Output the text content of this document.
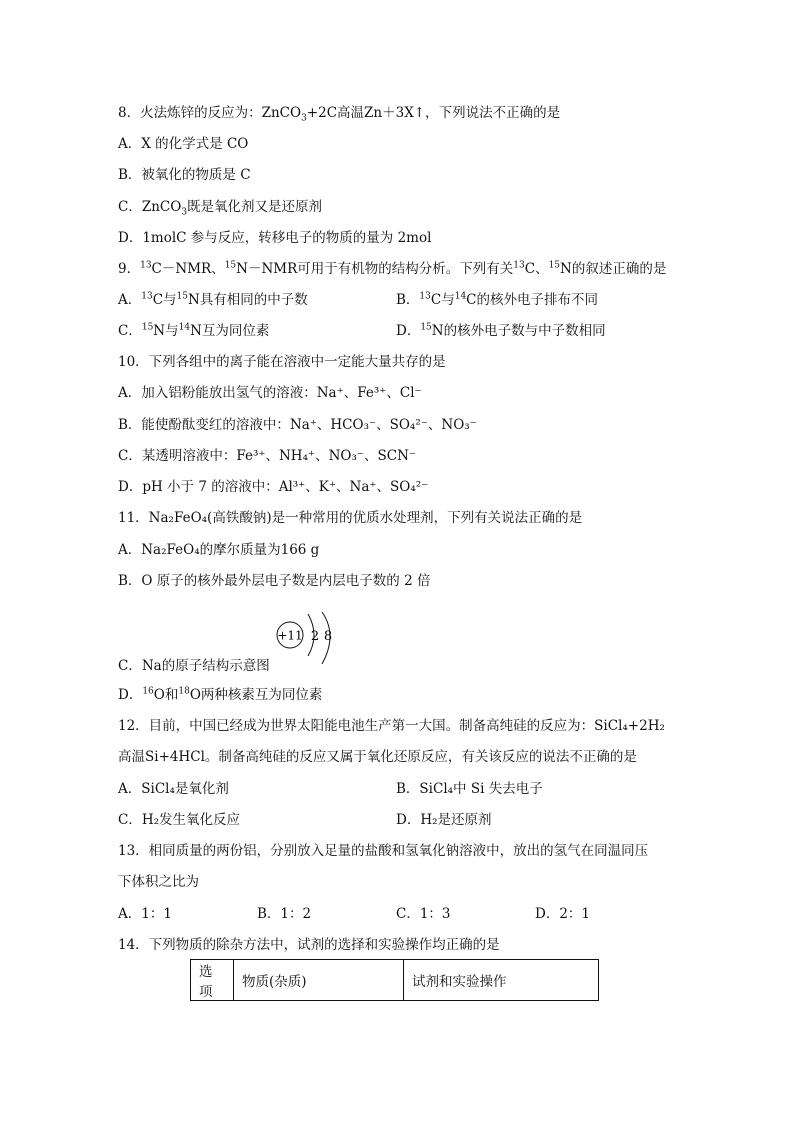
8．火法炼锌的反应为：ZnCO$_3$+2C高温Zn＋3X↑，下列说法不正确的是
A．X 的化学式是 CO
B．被氧化的物质是 C
C．ZnCO$_3$既是氧化剂又是还原剂
D．1molC 参与反应，转移电子的物质的量为 2mol
9．$^{13}$C－NMR、$^{15}$N－NMR可用于有机物的结构分析。下列有关$^{13}$C、$^{15}$N的叙述正确的是
A．$^{13}$C与$^{15}$N具有相同的中子数	B．$^{13}$C与$^{14}$C的核外电子排布不同
C．$^{15}$N与$^{14}$N互为同位素	D．$^{15}$N的核外电子数与中子数相同
10．下列各组中的离子能在溶液中一定能大量共存的是
A．加入铝粉能放出氢气的溶液：Na⁺、Fe³⁺、Cl⁻
B．能使酚酞变红的溶液中：Na⁺、HCO₃⁻、SO₄²⁻、NO₃⁻
C．某透明溶液中：Fe³⁺、NH₄⁺、NO₃⁻、SCN⁻
D．pH 小于 7 的溶液中：Al³⁺、K⁺、Na⁺、SO₄²⁻
11．Na₂FeO₄(高铁酸钠)是一种常用的优质水处理剂，下列有关说法正确的是
A．Na₂FeO₄的摩尔质量为166 g
B．O 原子的核外最外层电子数是内层电子数的 2 倍
+11 2 8
C．Na的原子结构示意图
D．$^{16}$O和$^{18}$O两种核素互为同位素
12．目前，中国已经成为世界太阳能电池生产第一大国。制备高纯硅的反应为：SiCl₄+2H₂
高温Si+4HCl。制备高纯硅的反应又属于氧化还原反应，有关该反应的说法不正确的是
A．SiCl₄是氧化剂	B．SiCl₄中 Si 失去电子
C．H₂发生氧化反应	D．H₂是还原剂
13．相同质量的两份铝，分别放入足量的盐酸和氢氧化钠溶液中，放出的氢气在同温同压
下体积之比为
A．1：1	B．1：2	C．1：3	D．2：1
14．下列物质的除杂方法中，试剂的选择和实验操作均正确的是
选项	物质(杂质)	试剂和实验操作
